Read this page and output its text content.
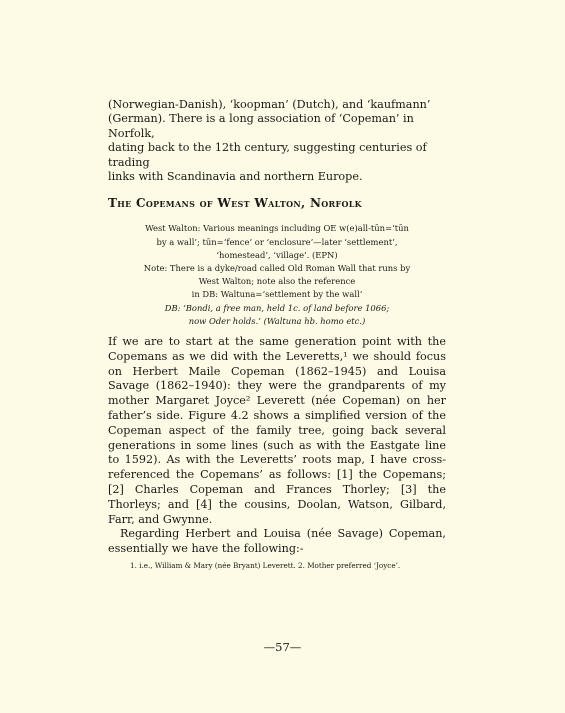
(Norwegian-Danish), ‘koopman’ (Dutch), and ‘kaufmann’

(German). There is a long association of ‘Copeman’ in Norfolk,

dating back to the 12th century, suggesting centuries of trading

links with Scandinavia and northern Europe.

The Copemans of West Walton, Norfolk
West Walton: Various meanings including OE w(e)all-tūn=‘tūn
by a wall’; tūn=‘fence’ or ‘enclosure’—later ‘settlement’,
‘homestead’, ‘village’. (EPN)
Note: There is a dyke/road called Old Roman Wall that runs by
West Walton; note also the reference
in DB: Waltuna=‘settlement by the wall’
DB: ‘Bondi, a free man, held 1c. of land before 1066;
now Oder holds.’ (Waltuna hb. homo etc.)

If we are to start at the same generation point with the Copemans as we did with the Leveretts,¹ we should focus on Herbert Maile Copeman (1862–1945) and Louisa Savage (1862–1940): they were the grandparents of my mother Margaret Joyce² Leverett (née Copeman) on her father’s side. Figure 4.2 shows a simplified version of the Copeman aspect of the family tree, going back several generations in some lines (such as with the Eastgate line to 1592). As with the Leveretts’ roots map, I have cross-referenced the Copemans’ as follows: [1] the Copemans; [2] Charles Copeman and Frances Thorley; [3] the Thorleys; and [4] the cousins, Doolan, Watson, Gilbard, Farr, and Gwynne.

Regarding Herbert and Louisa (née Savage) Copeman, essentially we have the following:-

1. i.e., William & Mary (née Bryant) Leverett. 2. Mother preferred ‘Joyce’.

—57—
